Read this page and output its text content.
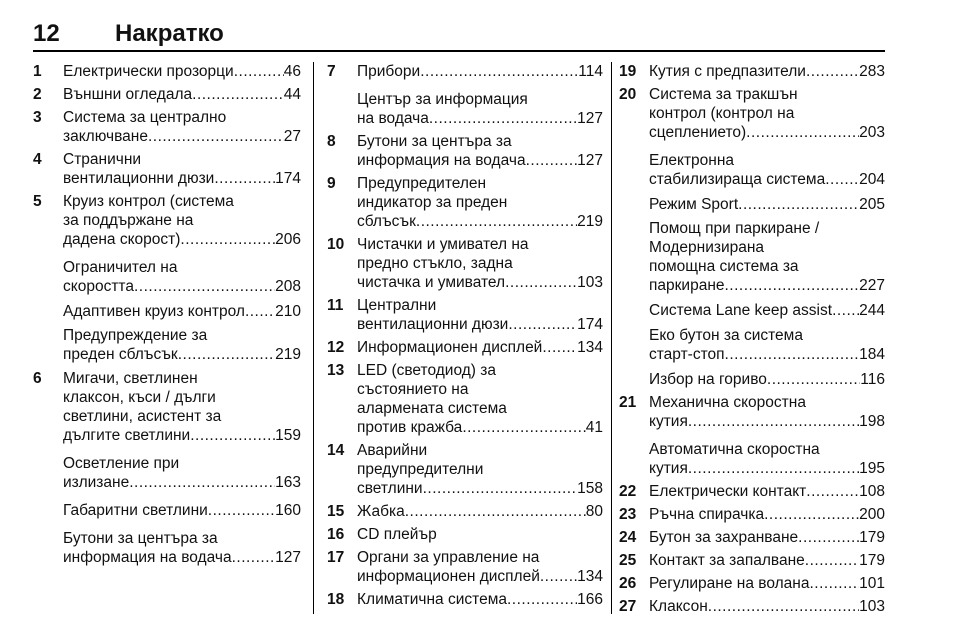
12 Накратко
1 Електрически прозорци .....	46
2 Външни огледала .....	44
3 Система за централно
заключване .....	27
4 Странични
вентилационни дюзи .....	174
5 Круиз контрол (система
за поддържане на
дадена скорост) .....	206
Ограничител на
скоростта .....	208
Адаптивен круиз контрол ..... 210
Предупреждение за
преден сблъсък .....	219
6 Мигачи, светлинен
клаксон, къси / дълги
светлини, асистент за
дългите светлини .....	159
Осветление при
излизане .....	163
Габаритни светлини .....	160
Бутони за центъра за
информация на водача .....	127
7 Прибори .....	114
Център за информация
на водача .....	127
8 Бутони за центъра за
информация на водача .....	127
9 Предупредителен
индикатор за преден
сблъсък .....	219
10 Чистачки и умивател на
предно стъкло, задна
чистачка и умивател .....	103
11 Централни
вентилационни дюзи .....	174
12 Информационен дисплей ..... 134
13 LED (светодиод) за
състоянието на
алармената система
против кражба .....	41
14 Аварийни
предупредителни
светлини .....	158
15 Жабка .....	80
16 CD плейър
17 Органи за управление на
информационен дисплей ..... 134
18 Климатична система .....	166
19 Кутия с предпазители .....	283
20 Система за тракшън
контрол (контрол на
сцеплението) .....	203
Електронна
стабилизираща система ..... 204
Режим Sport .....	205
Помощ при паркиране /
Модернизирана
помощна система за
паркиране .....	227
Система Lane keep assist ..... 244
Еко бутон за система
старт-стоп .....	184
Избор на гориво .....	116
21 Механична скоростна
кутия .....	198
Автоматична скоростна
кутия .....	195
22 Електрически контакт .....	108
23 Ръчна спирачка .....	200
24 Бутон за захранване .....	179
25 Контакт за запалване .....	179
26 Регулиране на волана .....	101
27 Клаксон .....	103
